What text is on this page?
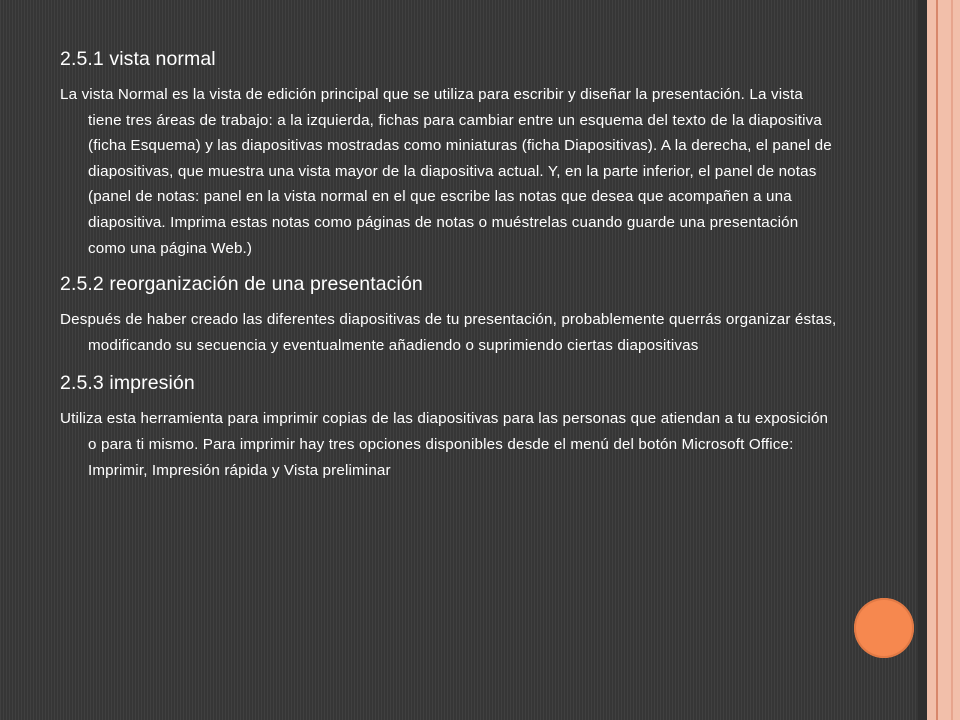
2.5.1 vista normal

La vista Normal es la vista de edición principal que se utiliza para escribir y diseñar la presentación. La vista tiene tres áreas de trabajo: a la izquierda, fichas para cambiar entre un esquema del texto de la diapositiva (ficha Esquema) y las diapositivas mostradas como miniaturas (ficha Diapositivas). A la derecha, el panel de diapositivas, que muestra una vista mayor de la diapositiva actual. Y, en la parte inferior, el panel de notas (panel de notas: panel en la vista normal en el que escribe las notas que desea que acompañen a una diapositiva. Imprima estas notas como páginas de notas o muéstrelas cuando guarde una presentación como una página Web.)

2.5.2 reorganización de una presentación

Después de haber creado las diferentes diapositivas de tu presentación, probablemente querrás organizar éstas, modificando su secuencia y eventualmente añadiendo o suprimiendo ciertas diapositivas

2.5.3 impresión

Utiliza esta herramienta para imprimir copias de las diapositivas para las personas que atiendan a tu exposición o para ti mismo. Para imprimir hay tres opciones disponibles desde el menú del botón Microsoft Office: Imprimir, Impresión rápida y Vista preliminar
